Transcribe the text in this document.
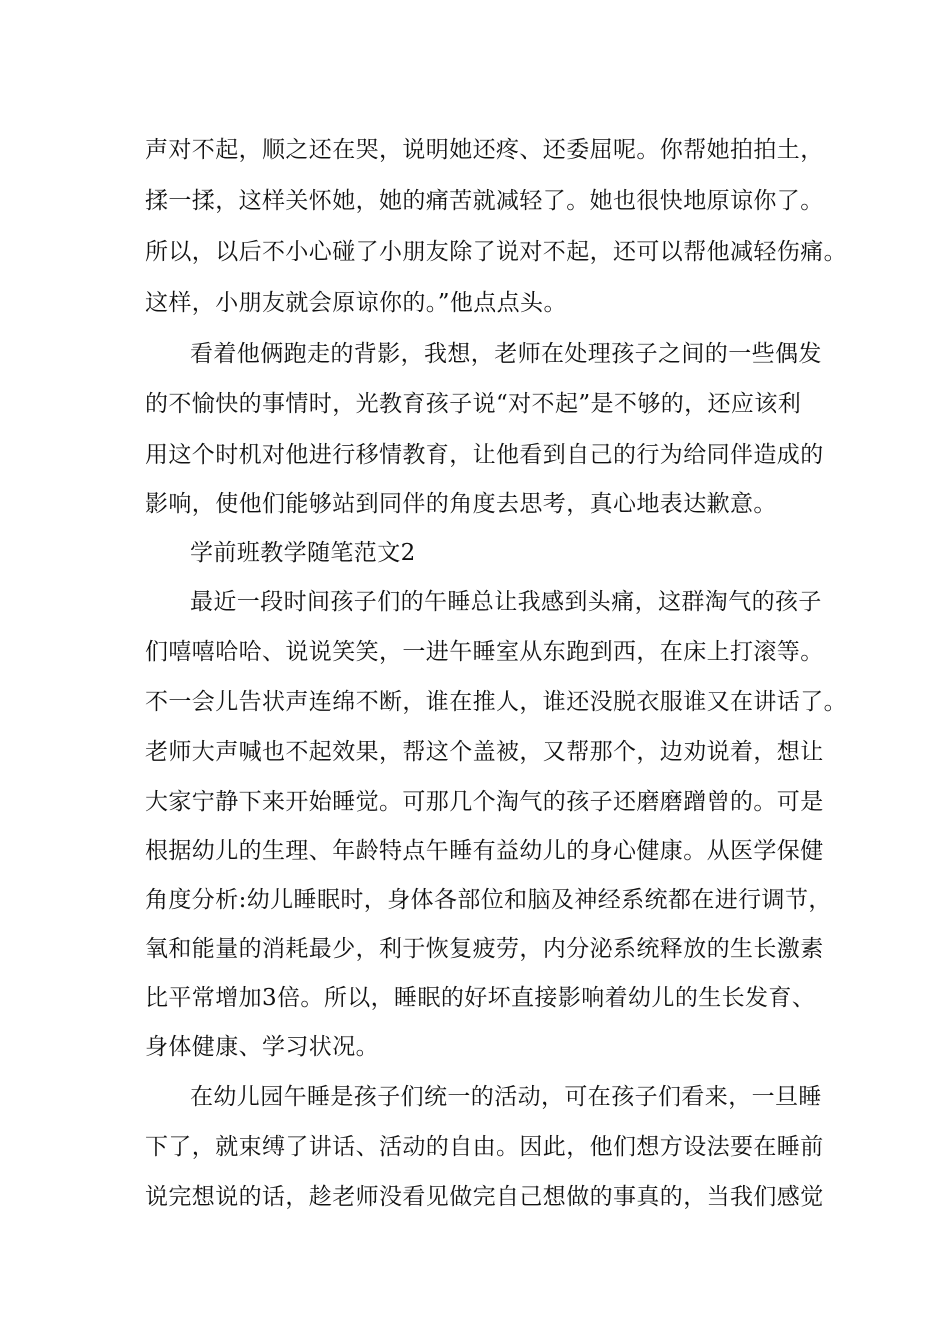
声对不起，顺之还在哭，说明她还疼、还委屈呢。你帮她拍拍土，
揉一揉，这样关怀她，她的痛苦就减轻了。她也很快地原谅你了。
所以，以后不小心碰了小朋友除了说对不起，还可以帮他减轻伤痛。
这样，小朋友就会原谅你的。”他点点头。
看着他俩跑走的背影，我想，老师在处理孩子之间的一些偶发
的不愉快的事情时，光教育孩子说“对不起”是不够的，还应该利
用这个时机对他进行移情教育，让他看到自己的行为给同伴造成的
影响，使他们能够站到同伴的角度去思考，真心地表达歉意。
学前班教学随笔范文2
最近一段时间孩子们的午睡总让我感到头痛，这群淘气的孩子
们嘻嘻哈哈、说说笑笑，一进午睡室从东跑到西，在床上打滚等。
不一会儿告状声连绵不断，谁在推人，谁还没脱衣服谁又在讲话了。
老师大声喊也不起效果，帮这个盖被，又帮那个，边劝说着，想让
大家宁静下来开始睡觉。可那几个淘气的孩子还磨磨蹭曾的。可是
根据幼儿的生理、年龄特点午睡有益幼儿的身心健康。从医学保健
角度分析:幼儿睡眠时，身体各部位和脑及神经系统都在进行调节，
氧和能量的消耗最少，利于恢复疲劳，内分泌系统释放的生长激素
比平常增加3倍。所以，睡眠的好坏直接影响着幼儿的生长发育、
身体健康、学习状况。
在幼儿园午睡是孩子们统一的活动，可在孩子们看来，一旦睡
下了，就束缚了讲话、活动的自由。因此，他们想方设法要在睡前
说完想说的话，趁老师没看见做完自己想做的事真的，当我们感觉
